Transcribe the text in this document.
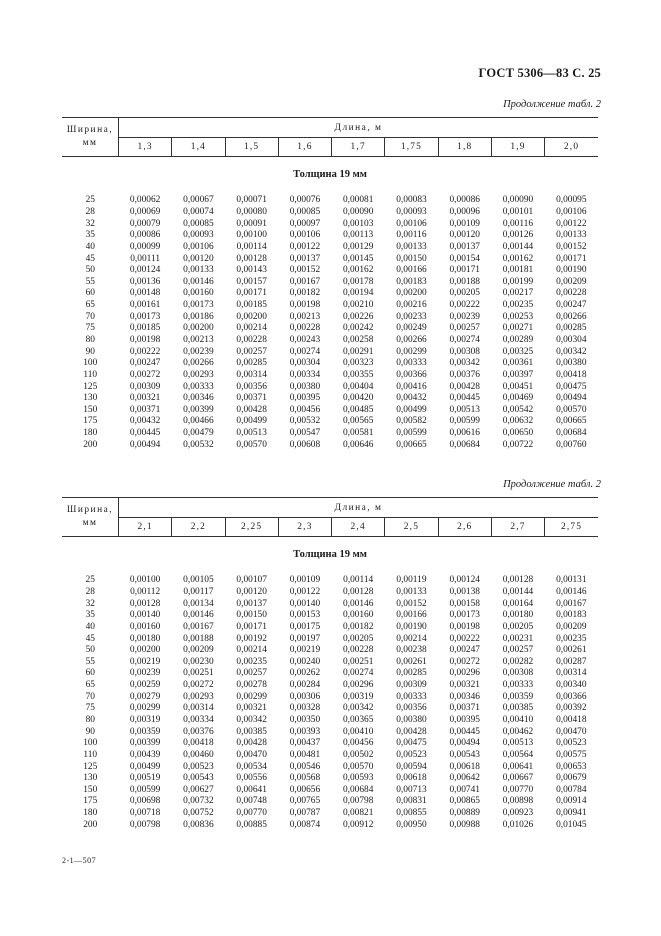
ГОСТ 5306—83 С. 25
Продолжение табл. 2
Ширина,
мм	Длина, м								
	1,3	1,4	1,5	1,6	1,7	1,75	1,8	1,9	2,0
Толщина 19 мм									
25	0,00062	0,00067	0,00071	0,00076	0,00081	0,00083	0,00086	0,00090	0,00095
28	0,00069	0,00074	0,00080	0,00085	0,00090	0,00093	0,00096	0,00101	0,00106
32	0,00079	0,00085	0,00091	0,00097	0,00103	0,00106	0,00109	0,00116	0,00122
35	0,00086	0,00093	0,00100	0,00106	0,00113	0,00116	0,00120	0,00126	0,00133
40	0,00099	0,00106	0,00114	0,00122	0,00129	0,00133	0,00137	0,00144	0,00152
45	0,00111	0,00120	0,00128	0,00137	0,00145	0,00150	0,00154	0,00162	0,00171
50	0,00124	0,00133	0,00143	0,00152	0,00162	0,00166	0,00171	0,00181	0,00190
55	0,00136	0,00146	0,00157	0,00167	0,00178	0,00183	0,00188	0,00199	0,00209
60	0,00148	0,00160	0,00171	0,00182	0,00194	0,00200	0,00205	0,00217	0,00228
65	0,00161	0,00173	0,00185	0,00198	0,00210	0,00216	0,00222	0,00235	0,00247
70	0,00173	0,00186	0,00200	0,00213	0,00226	0,00233	0,00239	0,00253	0,00266
75	0,00185	0,00200	0,00214	0,00228	0,00242	0,00249	0,00257	0,00271	0,00285
80	0,00198	0,00213	0,00228	0,00243	0,00258	0,00266	0,00274	0,00289	0,00304
90	0,00222	0,00239	0,00257	0,00274	0,00291	0,00299	0,00308	0,00325	0,00342
100	0,00247	0,00266	0,00285	0,00304	0,00323	0,00333	0,00342	0,00361	0,00380
110	0,00272	0,00293	0,00314	0,00334	0,00355	0,00366	0,00376	0,00397	0,00418
125	0,00309	0,00333	0,00356	0,00380	0,00404	0,00416	0,00428	0,00451	0,00475
130	0,00321	0,00346	0,00371	0,00395	0,00420	0,00432	0,00445	0,00469	0,00494
150	0,00371	0,00399	0,00428	0,00456	0,00485	0,00499	0,00513	0,00542	0,00570
175	0,00432	0,00466	0,00499	0,00532	0,00565	0,00582	0,00599	0,00632	0,00665
180	0,00445	0,00479	0,00513	0,00547	0,00581	0,00599	0,00616	0,00650	0,00684
200	0,00494	0,00532	0,00570	0,00608	0,00646	0,00665	0,00684	0,00722	0,00760
Продолжение табл. 2
Ширина,
мм	Длина, м								
	2,1	2,2	2,25	2,3	2,4	2,5	2,6	2,7	2,75
Толщина 19 мм									
25	0,00100	0,00105	0,00107	0,00109	0,00114	0,00119	0,00124	0,00128	0,00131
28	0,00112	0,00117	0,00120	0,00122	0,00128	0,00133	0,00138	0,00144	0,00146
32	0,00128	0,00134	0,00137	0,00140	0,00146	0,00152	0,00158	0,00164	0,00167
35	0,00140	0,00146	0,00150	0,00153	0,00160	0,00166	0,00173	0,00180	0,00183
40	0,00160	0,00167	0,00171	0,00175	0,00182	0,00190	0,00198	0,00205	0,00209
45	0,00180	0,00188	0,00192	0,00197	0,00205	0,00214	0,00222	0,00231	0,00235
50	0,00200	0,00209	0,00214	0,00219	0,00228	0,00238	0,00247	0,00257	0,00261
55	0,00219	0,00230	0,00235	0,00240	0,00251	0,00261	0,00272	0,00282	0,00287
60	0,00239	0,00251	0,00257	0,00262	0,00274	0,00285	0,00296	0,00308	0,00314
65	0,00259	0,00272	0,00278	0,00284	0,00296	0,00309	0,00321	0,00333	0,00340
70	0,00279	0,00293	0,00299	0,00306	0,00319	0,00333	0,00346	0,00359	0,00366
75	0,00299	0,00314	0,00321	0,00328	0,00342	0,00356	0,00371	0,00385	0,00392
80	0,00319	0,00334	0,00342	0,00350	0,00365	0,00380	0,00395	0,00410	0,00418
90	0,00359	0,00376	0,00385	0,00393	0,00410	0,00428	0,00445	0,00462	0,00470
100	0,00399	0,00418	0,00428	0,00437	0,00456	0,00475	0,00494	0,00513	0,00523
110	0,00439	0,00460	0,00470	0,00481	0,00502	0,00523	0,00543	0,00564	0,00575
125	0,00499	0,00523	0,00534	0,00546	0,00570	0,00594	0,00618	0,00641	0,00653
130	0,00519	0,00543	0,00556	0,00568	0,00593	0,00618	0,00642	0,00667	0,00679
150	0,00599	0,00627	0,00641	0,00656	0,00684	0,00713	0,00741	0,00770	0,00784
175	0,00698	0,00732	0,00748	0,00765	0,00798	0,00831	0,00865	0,00898	0,00914
180	0,00718	0,00752	0,00770	0,00787	0,00821	0,00855	0,00889	0,00923	0,00941
200	0,00798	0,00836	0,00885	0,00874	0,00912	0,00950	0,00988	0,01026	0,01045
2-1—507
